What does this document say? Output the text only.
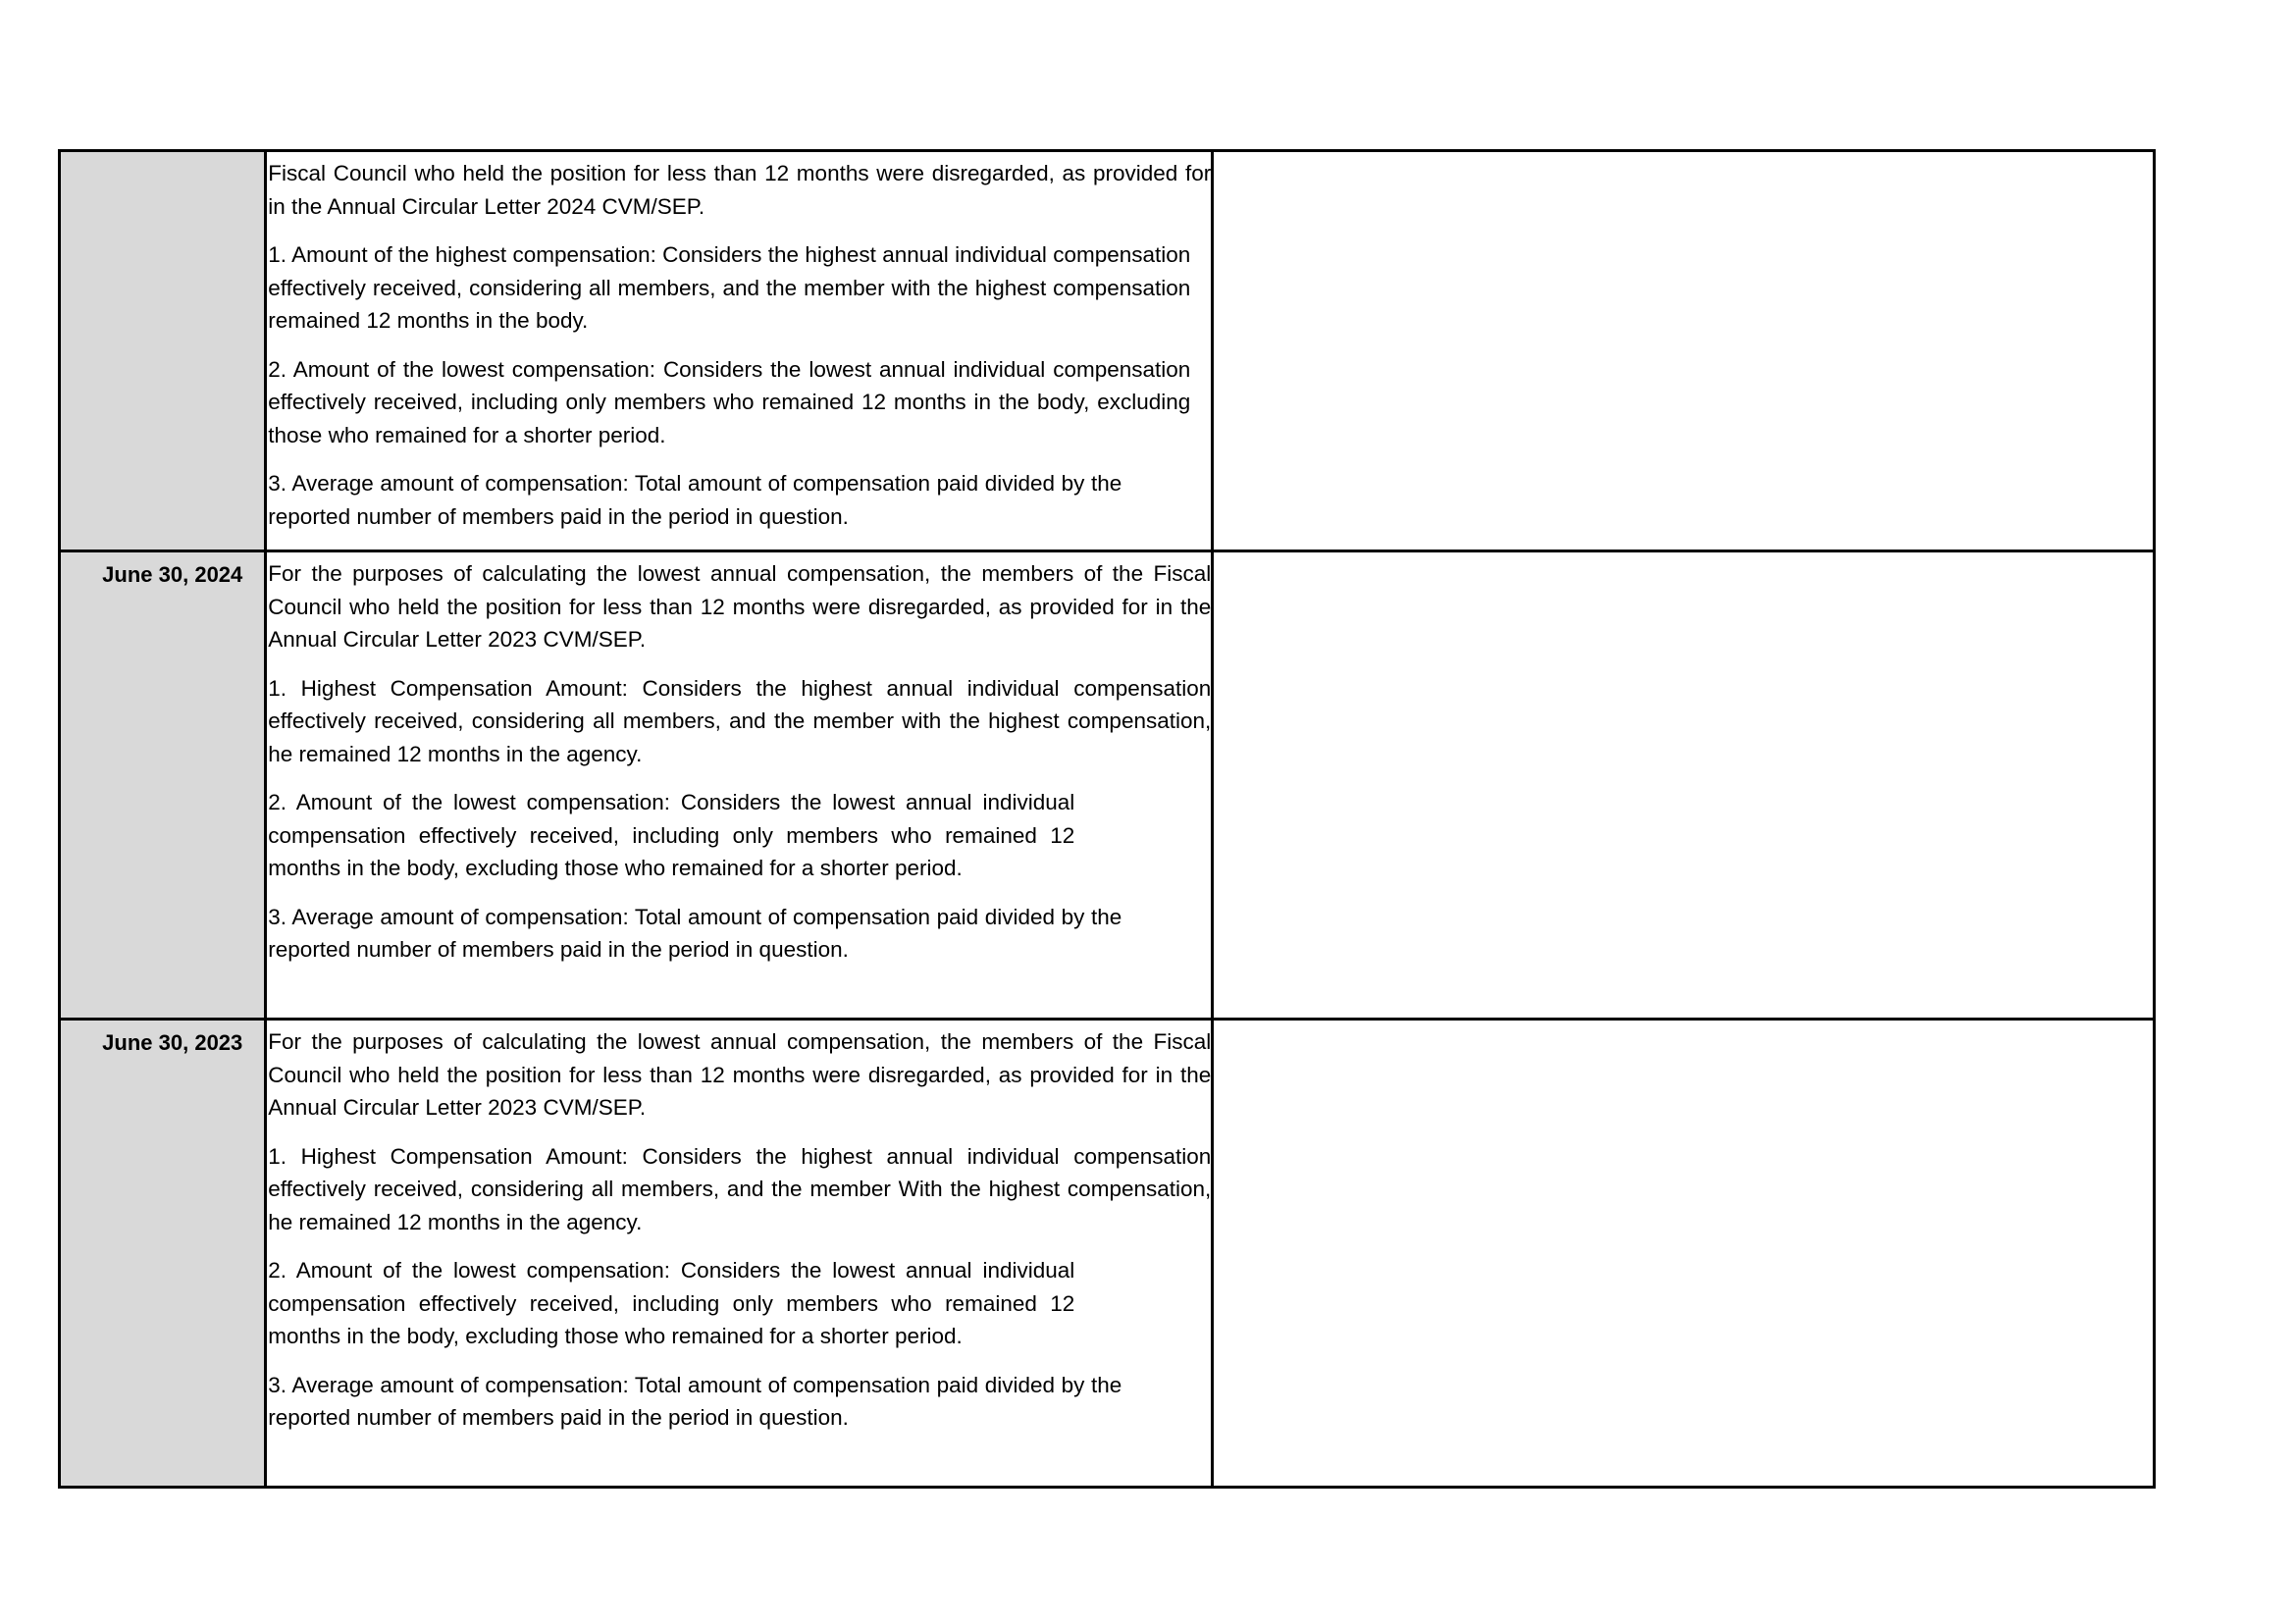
	Fiscal Council who held the position for less than 12 months were disregarded, as provided for in the Annual Circular Letter 2024 CVM/SEP.

1. Amount of the highest compensation: Considers the highest annual individual compensation effectively received, considering all members, and the member with the highest compensation remained 12 months in the body.

2. Amount of the lowest compensation: Considers the lowest annual individual compensation effectively received, including only members who remained 12 months in the body, excluding those who remained for a shorter period.

3. Average amount of compensation: Total amount of compensation paid divided by the reported number of members paid in the period in question.	

June 30, 2024	For the purposes of calculating the lowest annual compensation, the members of the Fiscal Council who held the position for less than 12 months were disregarded, as provided for in the Annual Circular Letter 2023 CVM/SEP.

1. Highest Compensation Amount: Considers the highest annual individual compensation effectively received, considering all members, and the member with the highest compensation, he remained 12 months in the agency.

2. Amount of the lowest compensation: Considers the lowest annual individual compensation effectively received, including only members who remained 12 months in the body, excluding those who remained for a shorter period.

3. Average amount of compensation: Total amount of compensation paid divided by the reported number of members paid in the period in question.	

June 30, 2023	For the purposes of calculating the lowest annual compensation, the members of the Fiscal Council who held the position for less than 12 months were disregarded, as provided for in the Annual Circular Letter 2023 CVM/SEP.

1. Highest Compensation Amount: Considers the highest annual individual compensation effectively received, considering all members, and the member With the highest compensation, he remained 12 months in the agency.

2. Amount of the lowest compensation: Considers the lowest annual individual compensation effectively received, including only members who remained 12 months in the body, excluding those who remained for a shorter period.

3. Average amount of compensation: Total amount of compensation paid divided by the reported number of members paid in the period in question.	
